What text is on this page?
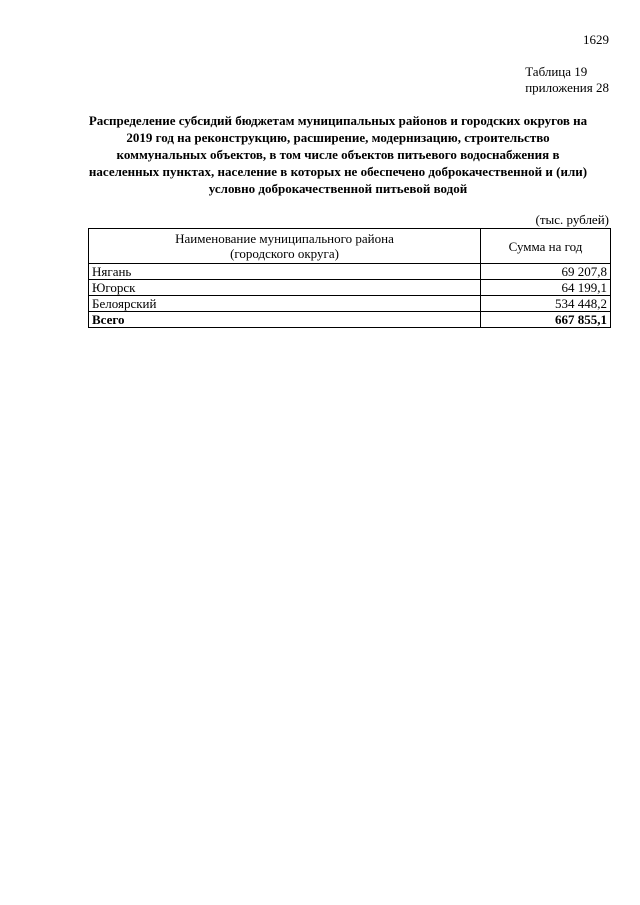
1629
Таблица 19
приложения 28
Распределение субсидий бюджетам муниципальных районов и городских округов на 2019 год на реконструкцию, расширение, модернизацию, строительство коммунальных объектов, в том числе объектов питьевого водоснабжения в населенных пунктах, население в которых не обеспечено доброкачественной и (или) условно доброкачественной питьевой водой
(тыс. рублей)
Наименование муниципального района
(городского округа)	Сумма на год
Нягань	69 207,8
Югорск	64 199,1
Белоярский	534 448,2
Всего	667 855,1
